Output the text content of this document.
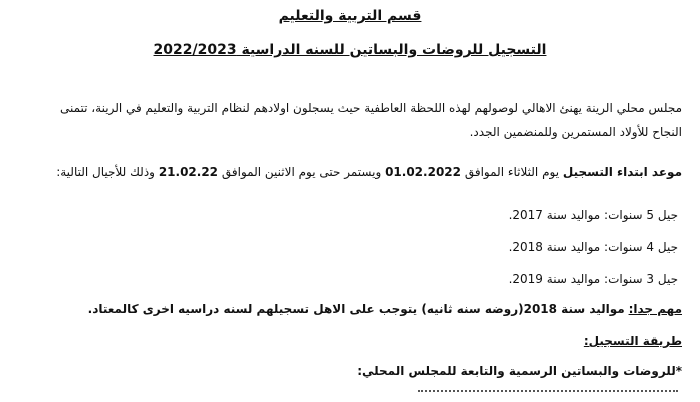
قسم التربية والتعليم
التسجيل للروضات والبساتين للسنه الدراسية 2022/2023
مجلس محلي الرينة يهنئ الاهالي لوصولهم لهذه اللحظة العاطفية حيث يسجلون اولادهم لنظام التربية والتعليم في الرينة، تتمنى النجاح للأولاد المستمرين وللمنضمين الجدد.
موعد ابتداء التسجيل يوم الثلاثاء الموافق 01.02.2022 ويستمر حتى يوم الاثنين الموافق 21.02.22 وذلك للأجيال التالية:
جيل 5 سنوات: مواليد سنة 2017.
جيل 4 سنوات: مواليد سنة 2018.
جيل 3 سنوات: مواليد سنة 2019.
مهم جدا: مواليد سنة 2018(روضه سنه ثانيه) يتوجب على الاهل تسجيلهم لسنه دراسيه اخرى كالمعتاد.
طريقة التسجيل:
*للروضات والبساتين الرسمية والتابعة للمجلس المحلي:
